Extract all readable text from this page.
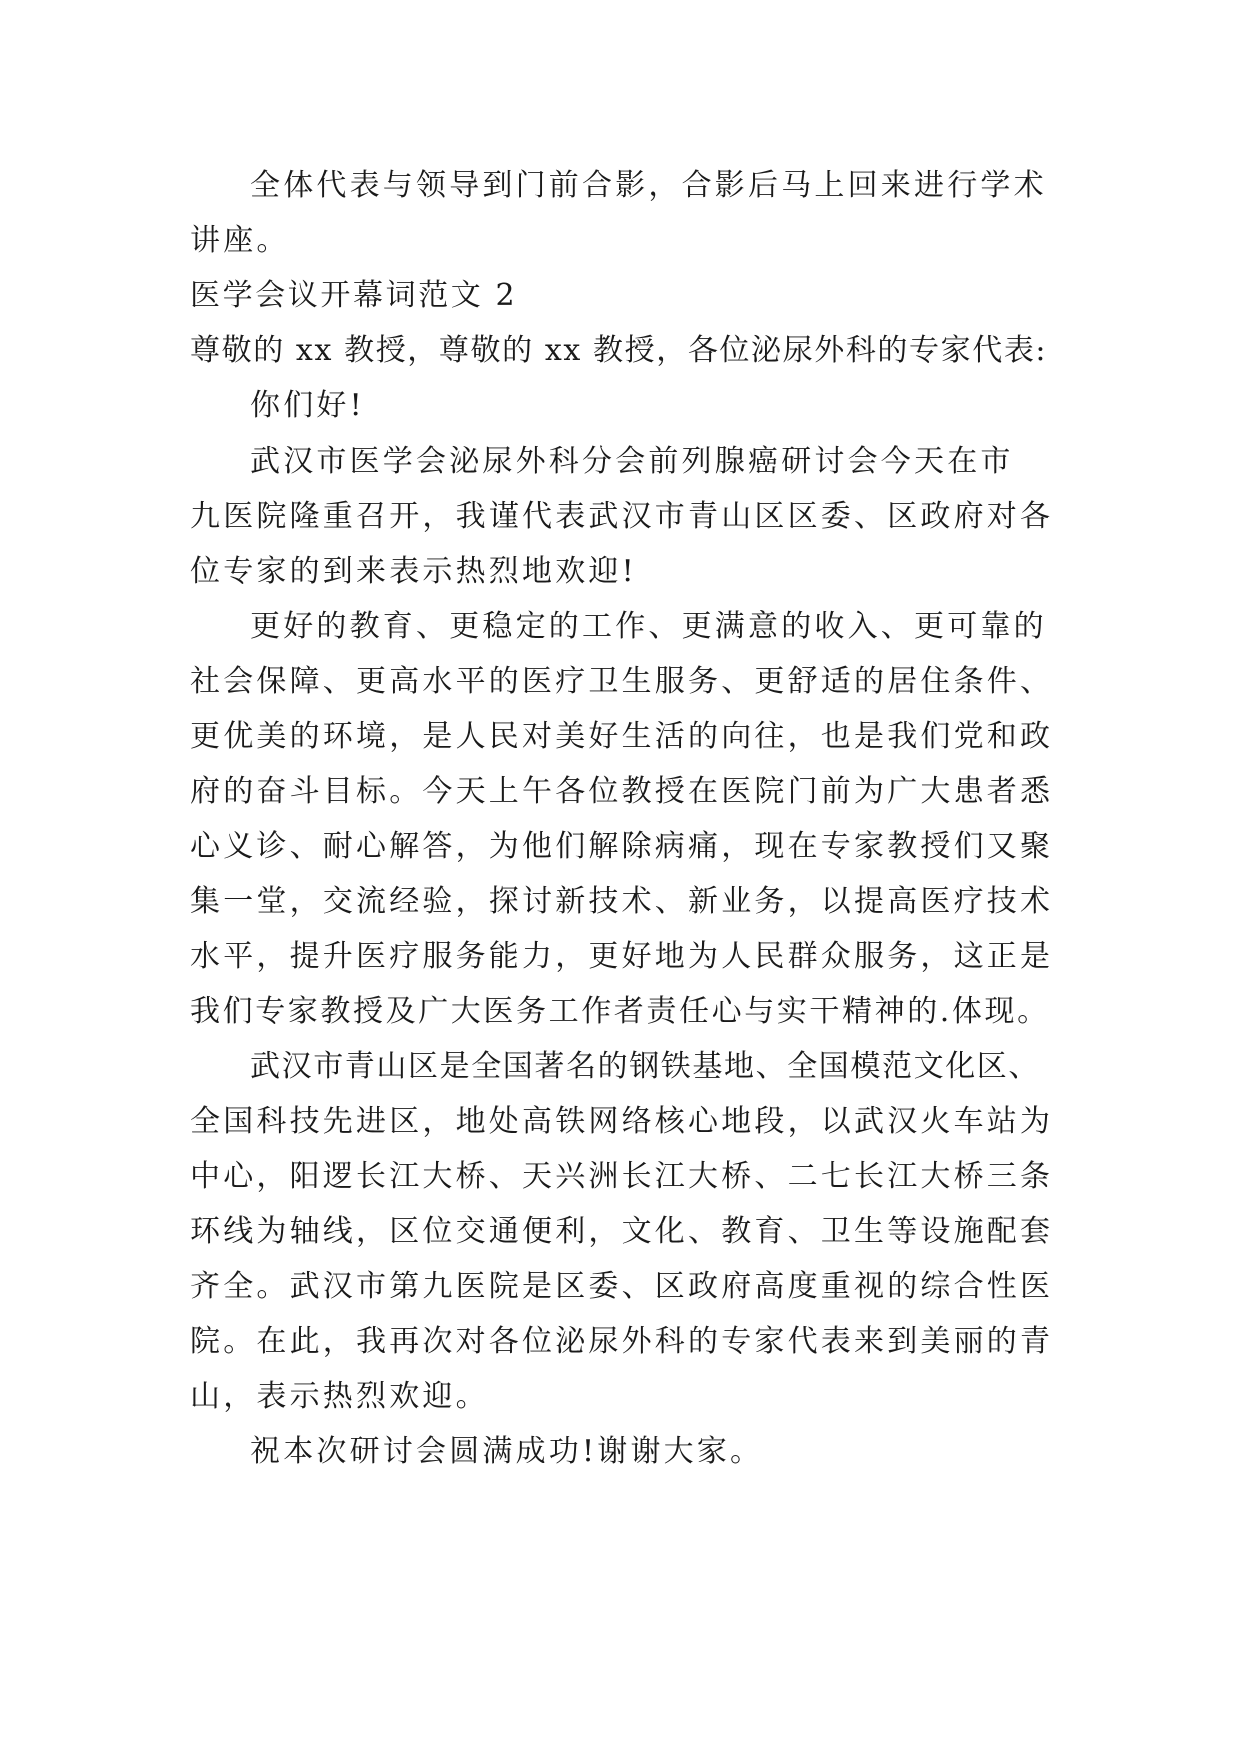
全体代表与领导到门前合影，合影后马上回来进行学术
讲座。
医学会议开幕词范文 2
尊敬的 xx 教授，尊敬的 xx 教授，各位泌尿外科的专家代表:
你们好!
武汉市医学会泌尿外科分会前列腺癌研讨会今天在市
九医院隆重召开，我谨代表武汉市青山区区委、区政府对各
位专家的到来表示热烈地欢迎!
更好的教育、更稳定的工作、更满意的收入、更可靠的
社会保障、更高水平的医疗卫生服务、更舒适的居住条件、
更优美的环境，是人民对美好生活的向往，也是我们党和政
府的奋斗目标。今天上午各位教授在医院门前为广大患者悉
心义诊、耐心解答，为他们解除病痛，现在专家教授们又聚
集一堂，交流经验，探讨新技术、新业务，以提高医疗技术
水平，提升医疗服务能力，更好地为人民群众服务，这正是
我们专家教授及广大医务工作者责任心与实干精神的.体现。
武汉市青山区是全国著名的钢铁基地、全国模范文化区、
全国科技先进区，地处高铁网络核心地段，以武汉火车站为
中心，阳逻长江大桥、天兴洲长江大桥、二七长江大桥三条
环线为轴线，区位交通便利，文化、教育、卫生等设施配套
齐全。武汉市第九医院是区委、区政府高度重视的综合性医
院。在此，我再次对各位泌尿外科的专家代表来到美丽的青
山，表示热烈欢迎。
祝本次研讨会圆满成功!谢谢大家。
